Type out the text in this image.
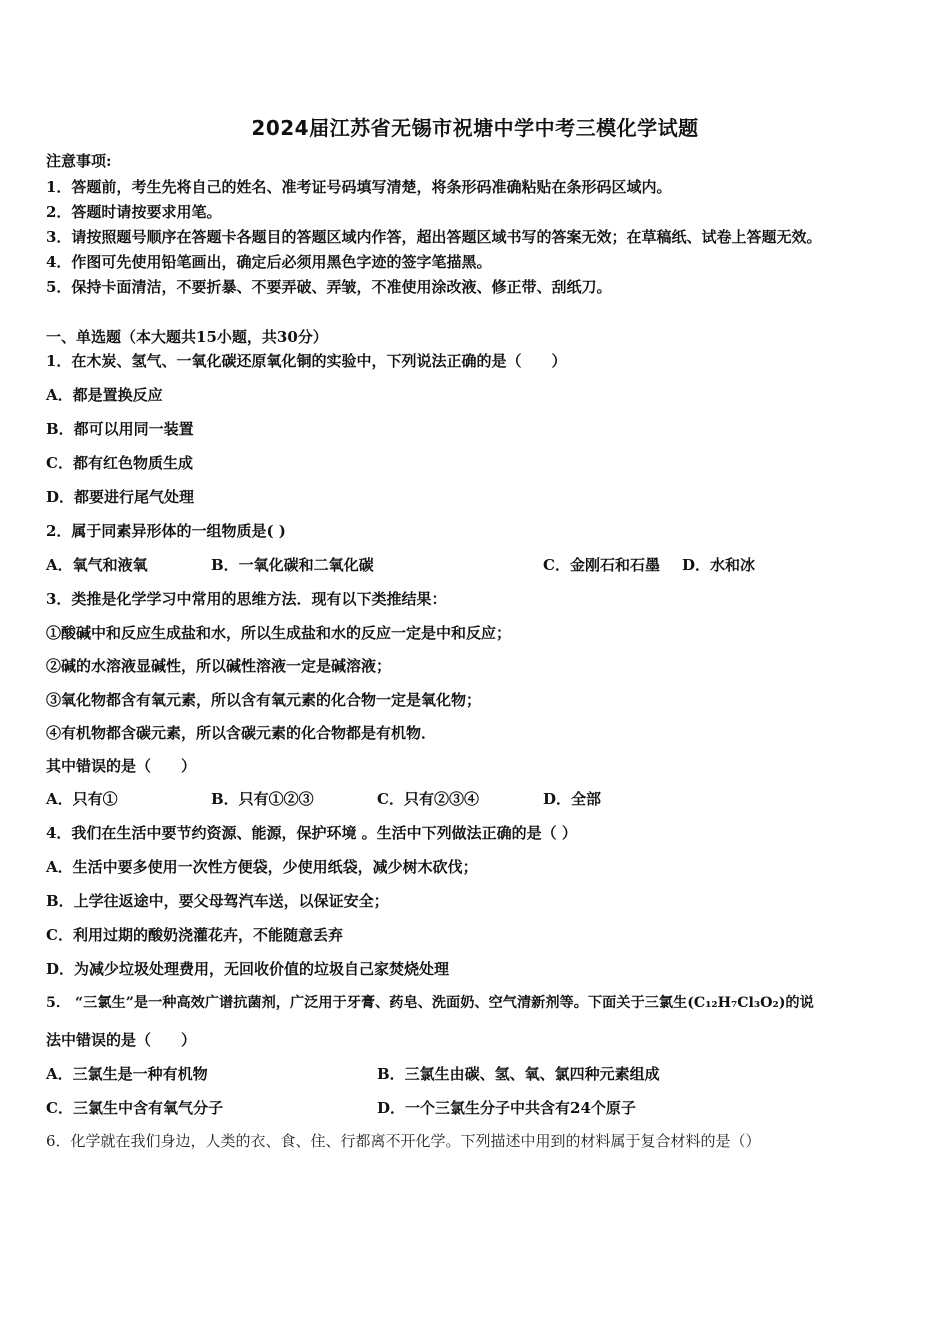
2024届江苏省无锡市祝塘中学中考三模化学试题
注意事项:
1．答题前，考生先将自己的姓名、准考证号码填写清楚，将条形码准确粘贴在条形码区域内。
2．答题时请按要求用笔。
3．请按照题号顺序在答题卡各题目的答题区域内作答，超出答题区域书写的答案无效；在草稿纸、试卷上答题无效。
4．作图可先使用铅笔画出，确定后必须用黑色字迹的签字笔描黑。
5．保持卡面清洁，不要折暴、不要弄破、弄皱，不准使用涂改液、修正带、刮纸刀。
一、单选题（本大题共15小题，共30分）
1．在木炭、氢气、一氧化碳还原氧化铜的实验中，下列说法正确的是（　　）
A．都是置换反应
B．都可以用同一装置
C．都有红色物质生成
D．都要进行尾气处理
2．属于同素异形体的一组物质是( )
A．氧气和液氧	B．一氧化碳和二氧化碳	C．金刚石和石墨 D．水和冰
3．类推是化学学习中常用的思维方法．现有以下类推结果：
①酸碱中和反应生成盐和水，所以生成盐和水的反应一定是中和反应；
②碱的水溶液显碱性，所以碱性溶液一定是碱溶液；
③氧化物都含有氧元素，所以含有氧元素的化合物一定是氧化物；
④有机物都含碳元素，所以含碳元素的化合物都是有机物．
其中错误的是（　　）
A．只有①	B．只有①②③	C．只有②③④	D．全部
4．我们在生活中要节约资源、能源，保护环境 。生活中下列做法正确的是（ ）
A．生活中要多使用一次性方便袋，少使用纸袋，减少树木砍伐；
B．上学往返途中，要父母驾汽车送，以保证安全；
C．利用过期的酸奶浇灌花卉，不能随意丢弃
D．为减少垃圾处理费用，无回收价值的垃圾自己家焚烧处理
5． “三氯生”是一种高效广谱抗菌剂，广泛用于牙膏、药皂、洗面奶、空气清新剂等。下面关于三氯生(C₁₂H₇Cl₃O₂)的说
法中错误的是（　　）
A．三氯生是一种有机物	B．三氯生由碳、氢、氧、氯四种元素组成
C．三氯生中含有氧气分子	D．一个三氯生分子中共含有24个原子
6．化学就在我们身边，人类的衣、食、住、行都离不开化学。下列描述中用到的材料属于复合材料的是（）
